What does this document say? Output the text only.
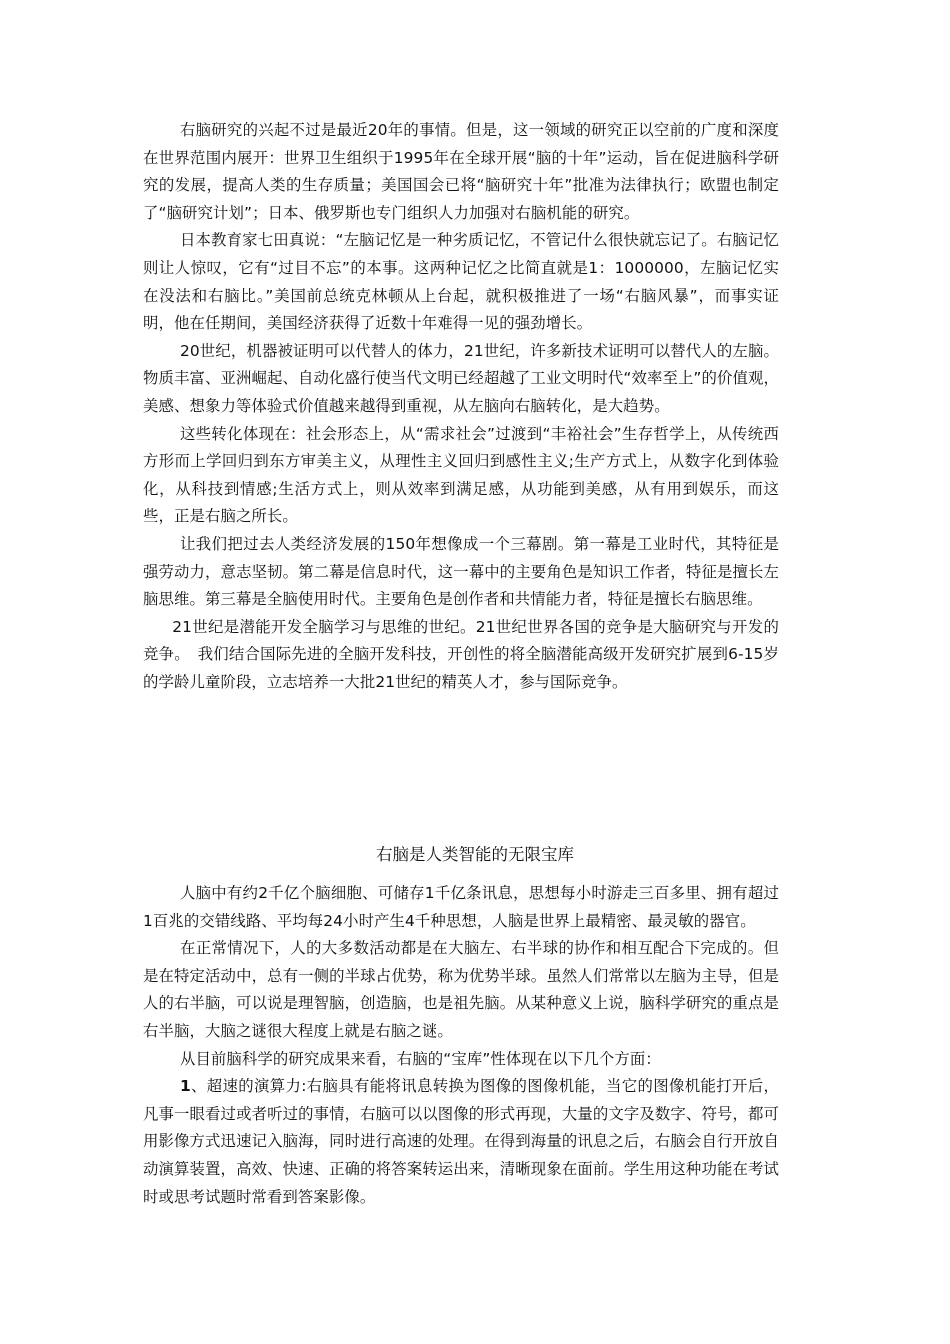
右脑研究的兴起不过是最近20年的事情。但是，这一领域的研究正以空前的广度和深度在世界范围内展开：世界卫生组织于1995年在全球开展“脑的十年”运动，旨在促进脑科学研究的发展，提高人类的生存质量；美国国会已将“脑研究十年”批准为法律执行；欧盟也制定了“脑研究计划”；日本、俄罗斯也专门组织人力加强对右脑机能的研究。

日本教育家七田真说：“左脑记忆是一种劣质记忆，不管记什么很快就忘记了。右脑记忆则让人惊叹，它有“过目不忘”的本事。这两种记忆之比简直就是1：1000000，左脑记忆实在没法和右脑比。”美国前总统克林顿从上台起，就积极推进了一场“右脑风暴”，而事实证明，他在任期间，美国经济获得了近数十年难得一见的强劲增长。

20世纪，机器被证明可以代替人的体力，21世纪，许多新技术证明可以替代人的左脑。物质丰富、亚洲崛起、自动化盛行使当代文明已经超越了工业文明时代“效率至上”的价值观，美感、想象力等体验式价值越来越得到重视，从左脑向右脑转化，是大趋势。

这些转化体现在：社会形态上，从“需求社会”过渡到“丰裕社会”生存哲学上，从传统西方形而上学回归到东方审美主义，从理性主义回归到感性主义;生产方式上，从数字化到体验化，从科技到情感;生活方式上，则从效率到满足感，从功能到美感，从有用到娱乐，而这些，正是右脑之所长。

让我们把过去人类经济发展的150年想像成一个三幕剧。第一幕是工业时代，其特征是强劳动力，意志坚韧。第二幕是信息时代，这一幕中的主要角色是知识工作者，特征是擅长左脑思维。第三幕是全脑使用时代。主要角色是创作者和共情能力者，特征是擅长右脑思维。

21世纪是潜能开发全脑学习与思维的世纪。21世纪世界各国的竞争是大脑研究与开发的竞争。　我们结合国际先进的全脑开发科技，开创性的将全脑潜能高级开发研究扩展到6-15岁的学龄儿童阶段，立志培养一大批21世纪的精英人才，参与国际竞争。

右脑是人类智能的无限宝库

人脑中有约2千亿个脑细胞、可储存1千亿条讯息，思想每小时游走三百多里、拥有超过1百兆的交错线路、平均每24小时产生4千种思想，人脑是世界上最精密、最灵敏的器官。

在正常情况下，人的大多数活动都是在大脑左、右半球的协作和相互配合下完成的。但是在特定活动中，总有一侧的半球占优势，称为优势半球。虽然人们常常以左脑为主导，但是人的右半脑，可以说是理智脑，创造脑，也是祖先脑。从某种意义上说，脑科学研究的重点是右半脑，大脑之谜很大程度上就是右脑之谜。

从目前脑科学的研究成果来看，右脑的“宝库”性体现在以下几个方面：

1、超速的演算力:右脑具有能将讯息转换为图像的图像机能，当它的图像机能打开后，凡事一眼看过或者听过的事情，右脑可以以图像的形式再现，大量的文字及数字、符号，都可用影像方式迅速记入脑海，同时进行高速的处理。在得到海量的讯息之后，右脑会自行开放自动演算装置，高效、快速、正确的将答案转运出来，清晰现象在面前。学生用这种功能在考试时或思考试题时常看到答案影像。
